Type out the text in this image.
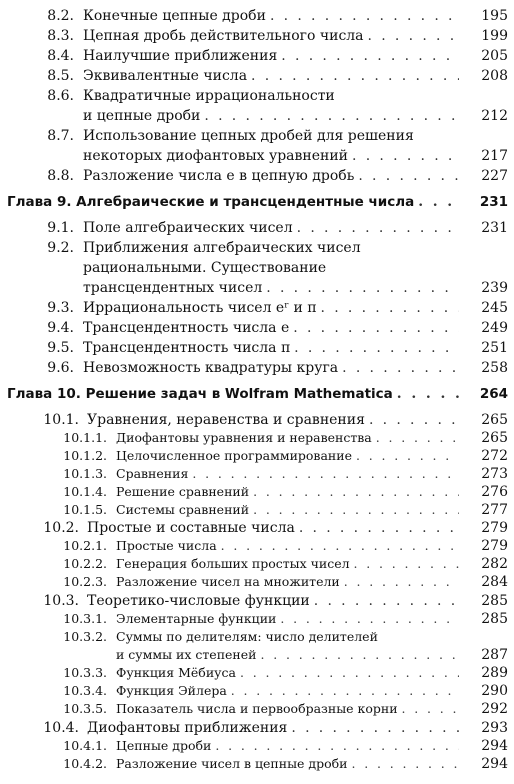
8.2. Конечные цепные дроби . . .	195
8.3. Цепная дробь действительного числа . . .	199
8.4. Наилучшие приближения . . .	205
8.5. Эквивалентные числа . . .	208
8.6. Квадратичные иррациональности
и цепные дроби . . .	212
8.7. Использование цепных дробей для решения
некоторых диофантовых уравнений . . .	217
8.8. Разложение числа e в цепную дробь . . .	227
Глава 9. Алгебраические и трансцендентные числа . . .	231
9.1. Поле алгебраических чисел . . .	231
9.2. Приближения алгебраических чисел
рациональными. Существование
трансцендентных чисел . . .	239
9.3. Иррациональность чисел eʳ и π . . .	245
9.4. Трансцендентность числа e . . .	249
9.5. Трансцендентность числа π . . .	251
9.6. Невозможность квадратуры круга . . .	258
Глава 10. Решение задач в Wolfram Mathematica . . .	264
10.1. Уравнения, неравенства и сравнения . . .	265
10.1.1. Диофантовы уравнения и неравенства . . .	265
10.1.2. Целочисленное программирование . . .	272
10.1.3. Сравнения . . .	273
10.1.4. Решение сравнений . . .	276
10.1.5. Системы сравнений . . .	277
10.2. Простые и составные числа . . .	279
10.2.1. Простые числа . . .	279
10.2.2. Генерация больших простых чисел . . .	282
10.2.3. Разложение чисел на множители . . .	284
10.3. Теоретико-числовые функции . . .	285
10.3.1. Элементарные функции . . .	285
10.3.2. Суммы по делителям: число делителей
и суммы их степеней . . .	287
10.3.3. Функция Мёбиуса . . .	289
10.3.4. Функция Эйлера . . .	290
10.3.5. Показатель числа и первообразные корни . . .	292
10.4. Диофантовы приближения . . .	293
10.4.1. Цепные дроби . . .	294
10.4.2. Разложение чисел в цепные дроби . . .	294
